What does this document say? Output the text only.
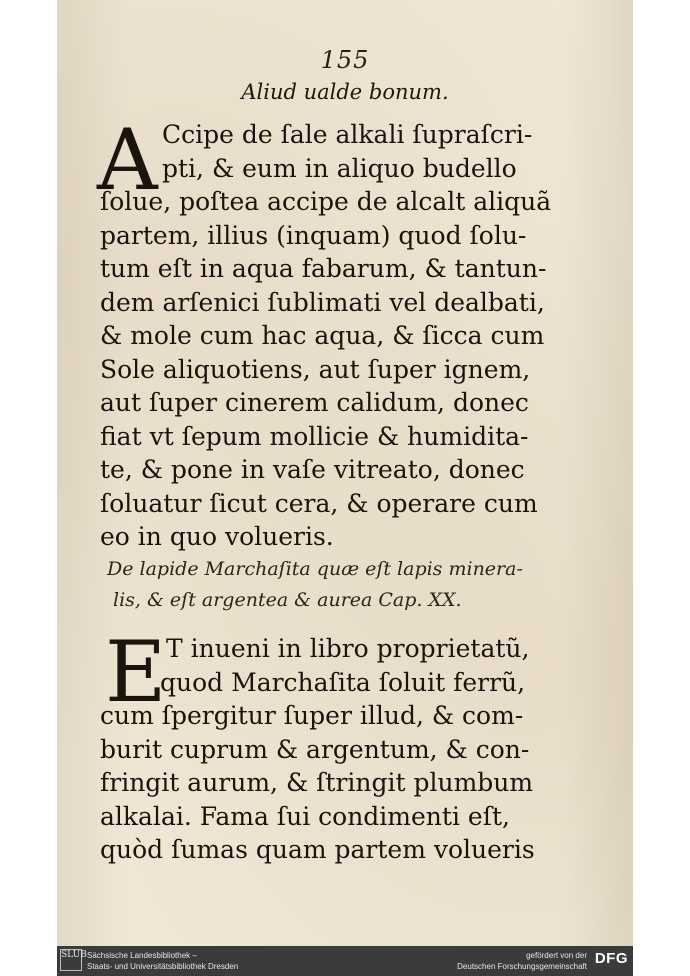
155
Aliud ualde bonum.
A Ccipe de ſale alkali ſupraſcri-
pti, & eum in aliquo budello
ſolue, poſtea accipe de alcalt aliquã
partem, illius (inquam) quod ſolu-
tum eſt in aqua fabarum, & tantun-
dem arſenici ſublimati vel dealbati,
& mole cum hac aqua, & ſicca cum
Sole aliquotiens, aut ſuper ignem,
aut ſuper cinerem calidum, donec
fiat vt ſepum mollicie & humidita-
te, & pone in vaſe vitreato, donec
ſoluatur ſicut cera, & operare cum
eo in quo volueris.
De lapide Marchaſita quæ eſt lapis minera-
lis, & eſt argentea & aurea Cap. XX.
E T inueni in libro proprietatũ,
quod Marchaſita ſoluit ferrũ,
cum ſpergitur ſuper illud, & com-
burit cuprum & argentum, & con-
fringit aurum, & ſtringit plumbum
alkalai. Fama ſui condimenti eſt,
quòd ſumas quam partem volueris
SLUB Sächsische Landesbibliothek –
Staats- und Universitätsbibliothek Dresden
gefördert von der
Deutschen Forschungsgemeinschaft DFG
